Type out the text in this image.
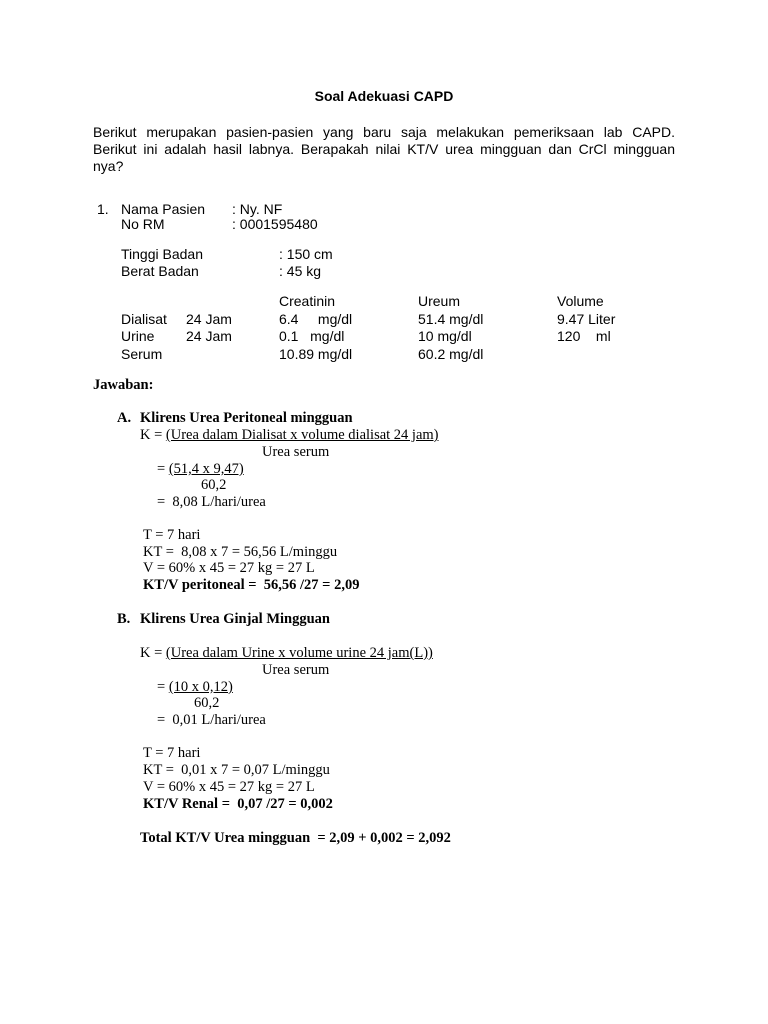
Soal Adekuasi CAPD

Berikut merupakan pasien-pasien yang baru saja melakukan pemeriksaan lab CAPD.

Berikut ini adalah hasil labnya. Berapakah nilai KT/V urea mingguan dan CrCl mingguan

nya?

1. Nama Pasien : Ny. NF
No RM	: 0001595480
Tinggi Badan	: 150 cm
Berat Badan	: 45 kg
Creatinin	Ureum	Volume
Dialisat 24 Jam	6.4     mg/dl	51.4 mg/dl	9.47 Liter
Urine 24 Jam	0.1   mg/dl	10 mg/dl	120    ml
Serum	10.89 mg/dl	60.2 mg/dl
Jawaban:
A. Klirens Urea Peritoneal mingguan
K = (Urea dalam Dialisat x volume dialisat 24 jam)
Urea serum
= (51,4 x 9,47)
60,2
=  8,08 L/hari/urea
T = 7 hari
KT =  8,08 x 7 = 56,56 L/minggu
V = 60% x 45 = 27 kg = 27 L
KT/V peritoneal =  56,56 /27 = 2,09
B. Klirens Urea Ginjal Mingguan
K = (Urea dalam Urine x volume urine 24 jam(L))
Urea serum
= (10 x 0,12)
60,2
=  0,01 L/hari/urea
T = 7 hari
KT =  0,01 x 7 = 0,07 L/minggu
V = 60% x 45 = 27 kg = 27 L
KT/V Renal =  0,07 /27 = 0,002
Total KT/V Urea mingguan  = 2,09 + 0,002 = 2,092
